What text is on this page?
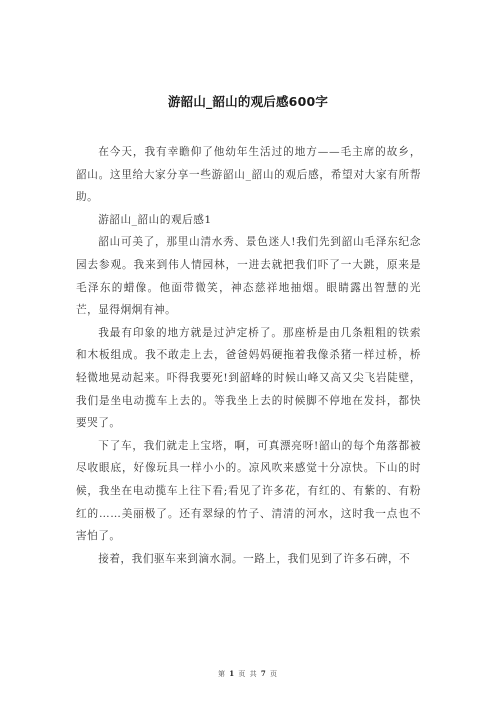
游韶山_韶山的观后感600字

在今天，我有幸瞻仰了他幼年生活过的地方——毛主席的故乡，韶山。这里给大家分享一些游韶山_韶山的观后感，希望对大家有所帮助。

游韶山_韶山的观后感1

韶山可美了，那里山清水秀、景色迷人!我们先到韶山毛泽东纪念园去参观。我来到伟人情园林，一进去就把我们吓了一大跳，原来是毛泽东的蜡像。他面带微笑，神态慈祥地抽烟。眼睛露出智慧的光芒，显得炯炯有神。

我最有印象的地方就是过泸定桥了。那座桥是由几条粗粗的铁索和木板组成。我不敢走上去，爸爸妈妈硬拖着我像杀猪一样过桥，桥轻微地晃动起来。吓得我要死!到韶峰的时候山峰又高又尖飞岩陡壁，我们是坐电动揽车上去的。等我坐上去的时候脚不停地在发抖，都快要哭了。

下了车，我们就走上宝塔，啊，可真漂亮呀!韶山的每个角落都被尽收眼底，好像玩具一样小小的。凉风吹来感觉十分凉快。下山的时候，我坐在电动揽车上往下看;看见了许多花，有红的、有紫的、有粉红的……美丽极了。还有翠绿的竹子、清清的河水，这时我一点也不害怕了。

接着，我们驱车来到滴水洞。一路上，我们见到了许多石碑，不

第 1 页 共 7 页
